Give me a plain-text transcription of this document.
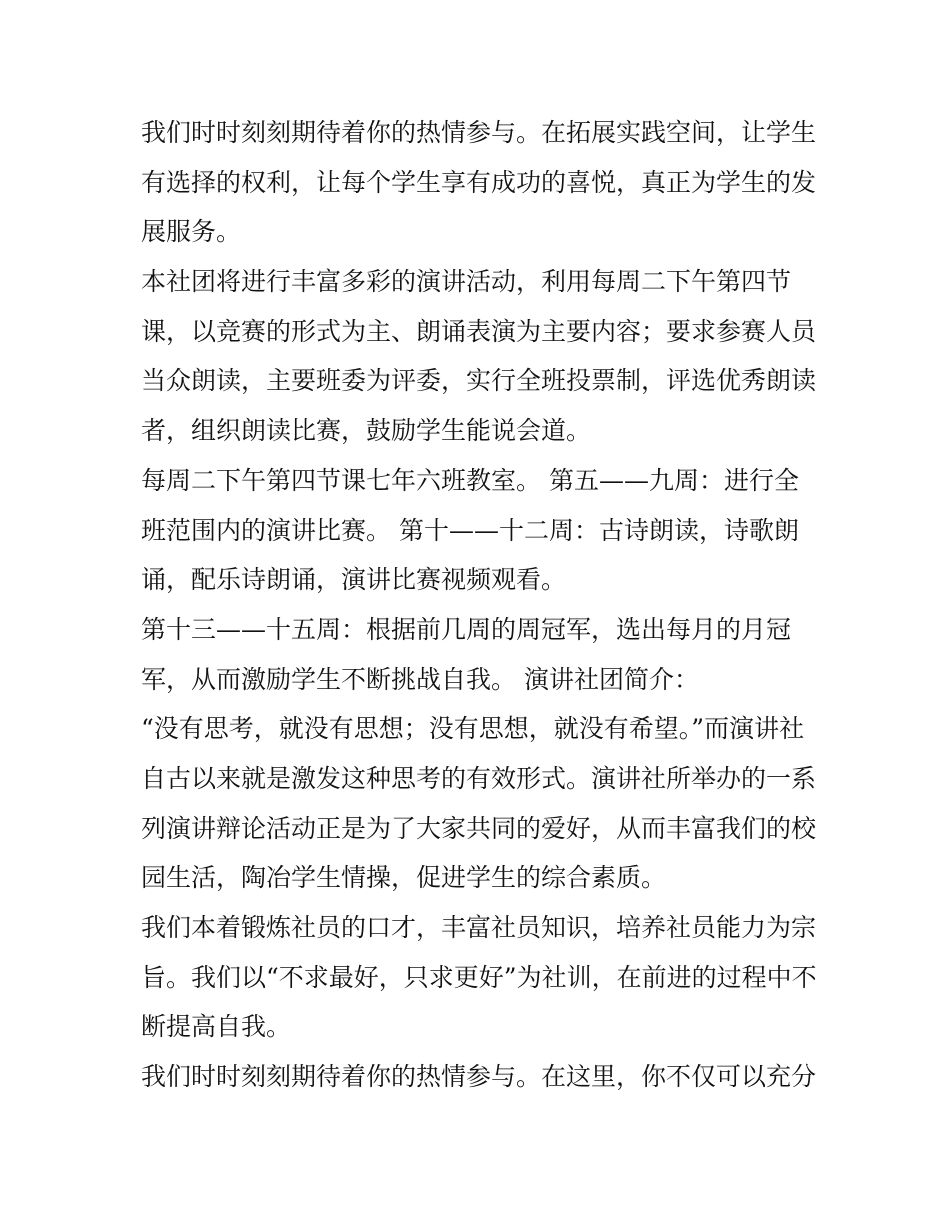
我们时时刻刻期待着你的热情参与。在拓展实践空间，让学生
有选择的权利，让每个学生享有成功的喜悦，真正为学生的发
展服务。
本社团将进行丰富多彩的演讲活动，利用每周二下午第四节
课，以竞赛的形式为主、朗诵表演为主要内容；要求参赛人员
当众朗读，主要班委为评委，实行全班投票制，评选优秀朗读
者，组织朗读比赛，鼓励学生能说会道。
每周二下午第四节课七年六班教室。 第五——九周：进行全
班范围内的演讲比赛。 第十——十二周：古诗朗读，诗歌朗
诵，配乐诗朗诵，演讲比赛视频观看。
第十三——十五周：根据前几周的周冠军，选出每月的月冠
军，从而激励学生不断挑战自我。 演讲社团简介：
“没有思考，就没有思想；没有思想，就没有希望。”而演讲社
自古以来就是激发这种思考的有效形式。演讲社所举办的一系
列演讲辩论活动正是为了大家共同的爱好，从而丰富我们的校
园生活，陶冶学生情操，促进学生的综合素质。
我们本着锻炼社员的口才，丰富社员知识，培养社员能力为宗
旨。我们以“不求最好，只求更好”为社训，在前进的过程中不
断提高自我。
我们时时刻刻期待着你的热情参与。在这里，你不仅可以充分
